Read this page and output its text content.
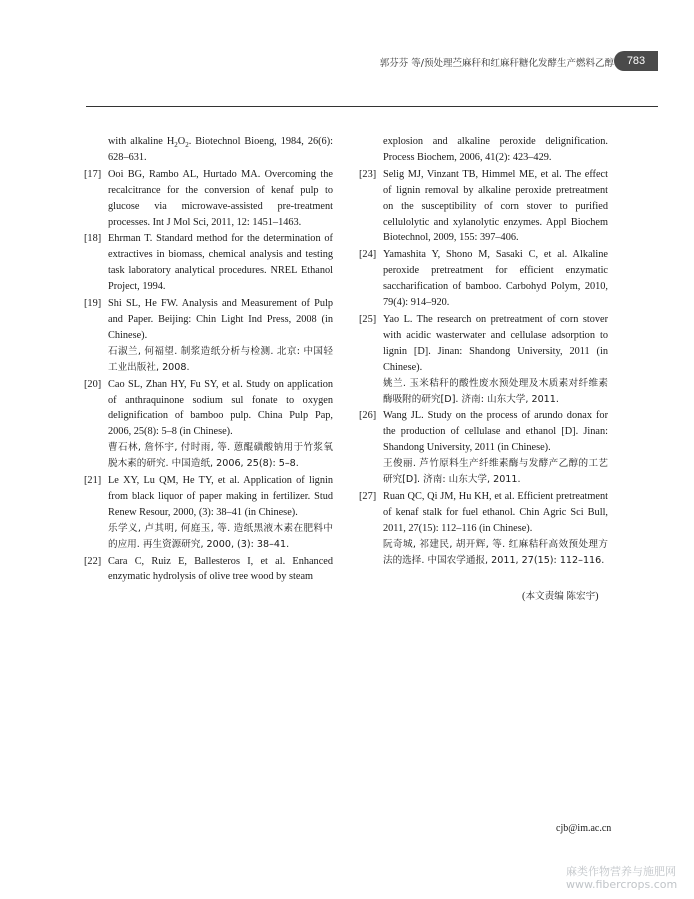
郭芬芬 等/预处理苎麻秆和红麻秆糖化发酵生产燃料乙醇	783

with alkaline $H_2O_2$. Biotechnol Bioeng, 1984, 26(6): 628–631.

[17] Ooi BG, Rambo AL, Hurtado MA. Overcoming the recalcitrance for the conversion of kenaf pulp to glucose via microwave-assisted pre-treatment processes. Int J Mol Sci, 2011, 12: 1451–1463.

[18] Ehrman T. Standard method for the determination of extractives in biomass, chemical analysis and testing task laboratory analytical procedures. NREL Ethanol Project, 1994.

[19] Shi SL, He FW. Analysis and Measurement of Pulp and Paper. Beijing: Chin Light Ind Press, 2008 (in Chinese).
石淑兰, 何福望. 制浆造纸分析与检测. 北京: 中国轻工业出版社, 2008.

[20] Cao SL, Zhan HY, Fu SY, et al. Study on application of anthraquinone sodium sul fonate to oxygen delignification of bamboo pulp. China Pulp Pap, 2006, 25(8): 5–8 (in Chinese).
曹石林, 詹怀宇, 付时雨, 等. 蒽醌磺酸钠用于竹浆氧脱木素的研究. 中国造纸, 2006, 25(8): 5–8.

[21] Le XY, Lu QM, He TY, et al. Application of lignin from black liquor of paper making in fertilizer. Stud Renew Resour, 2000, (3): 38–41 (in Chinese).
乐学义, 卢其明, 何庭玉, 等. 造纸黑液木素在肥料中的应用. 再生资源研究, 2000, (3): 38–41.

[22] Cara C, Ruiz E, Ballesteros I, et al. Enhanced enzymatic hydrolysis of olive tree wood by steam

explosion and alkaline peroxide delignification. Process Biochem, 2006, 41(2): 423–429.

[23] Selig MJ, Vinzant TB, Himmel ME, et al. The effect of lignin removal by alkaline peroxide pretreatment on the susceptibility of corn stover to purified cellulolytic and xylanolytic enzymes. Appl Biochem Biotechnol, 2009, 155: 397–406.

[24] Yamashita Y, Shono M, Sasaki C, et al. Alkaline peroxide pretreatment for efficient enzymatic saccharification of bamboo. Carbohyd Polym, 2010, 79(4): 914–920.

[25] Yao L. The research on pretreatment of corn stover with acidic wasterwater and cellulase adsorption to lignin [D]. Jinan: Shandong University, 2011 (in Chinese).
姚兰. 玉米秸秆的酸性废水预处理及木质素对纤维素酶吸附的研究[D]. 济南: 山东大学, 2011.

[26] Wang JL. Study on the process of arundo donax for the production of cellulase and ethanol [D]. Jinan: Shandong University, 2011 (in Chinese).
王俊丽. 芦竹原料生产纤维素酶与发酵产乙醇的工艺研究[D]. 济南: 山东大学, 2011.

[27] Ruan QC, Qi JM, Hu KH, et al. Efficient pretreatment of kenaf stalk for fuel ethanol. Chin Agric Sci Bull, 2011, 27(15): 112–116 (in Chinese).
阮奇城, 祁建民, 胡开辉, 等. 红麻秸秆高效预处理方法的选择. 中国农学通报, 2011, 27(15): 112–116.

(本文责编 陈宏宇)
cjb@im.ac.cn
麻类作物营养与施肥网
www.fibercrops.com
